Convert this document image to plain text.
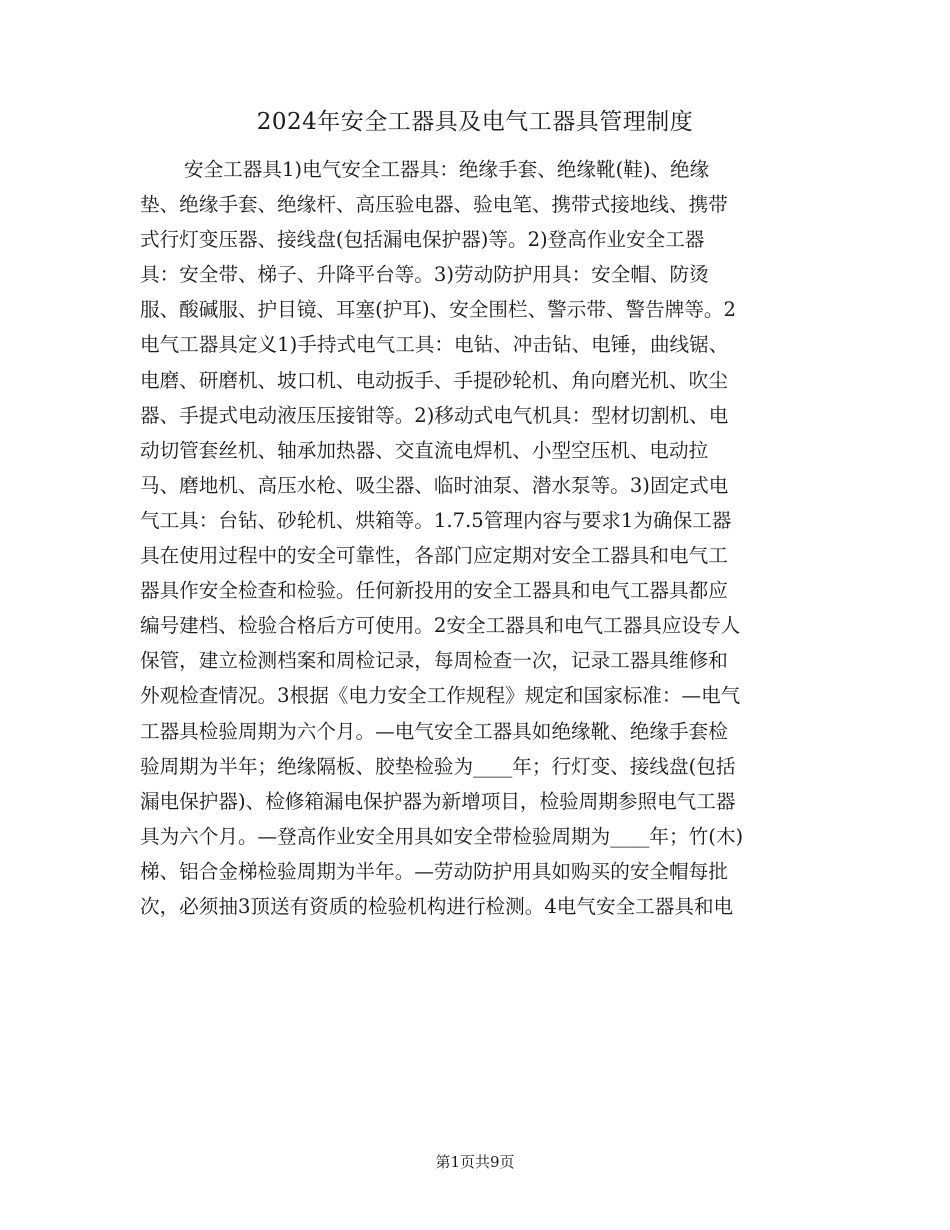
2024年安全工器具及电气工器具管理制度
安全工器具1)电气安全工器具：绝缘手套、绝缘靴(鞋)、绝缘
垫、绝缘手套、绝缘杆、高压验电器、验电笔、携带式接地线、携带
式行灯变压器、接线盘(包括漏电保护器)等。2)登高作业安全工器
具：安全带、梯子、升降平台等。3)劳动防护用具：安全帽、防烫
服、酸碱服、护目镜、耳塞(护耳)、安全围栏、警示带、警告牌等。2
电气工器具定义1)手持式电气工具：电钻、冲击钻、电锤，曲线锯、
电磨、研磨机、坡口机、电动扳手、手提砂轮机、角向磨光机、吹尘
器、手提式电动液压压接钳等。2)移动式电气机具：型材切割机、电
动切管套丝机、轴承加热器、交直流电焊机、小型空压机、电动拉
马、磨地机、高压水枪、吸尘器、临时油泵、潜水泵等。3)固定式电
气工具：台钻、砂轮机、烘箱等。1.7.5管理内容与要求1为确保工器
具在使用过程中的安全可靠性，各部门应定期对安全工器具和电气工
器具作安全检查和检验。任何新投用的安全工器具和电气工器具都应
编号建档、检验合格后方可使用。2安全工器具和电气工器具应设专人
保管，建立检测档案和周检记录，每周检查一次，记录工器具维修和
外观检查情况。3根据《电力安全工作规程》规定和国家标准：—电气
工器具检验周期为六个月。—电气安全工器具如绝缘靴、绝缘手套检
验周期为半年；绝缘隔板、胶垫检验为____年；行灯变、接线盘(包括
漏电保护器)、检修箱漏电保护器为新增项目，检验周期参照电气工器
具为六个月。—登高作业安全用具如安全带检验周期为____年；竹(木)
梯、铝合金梯检验周期为半年。—劳动防护用具如购买的安全帽每批
次，必须抽3顶送有资质的检验机构进行检测。4电气安全工器具和电
第1页共9页
